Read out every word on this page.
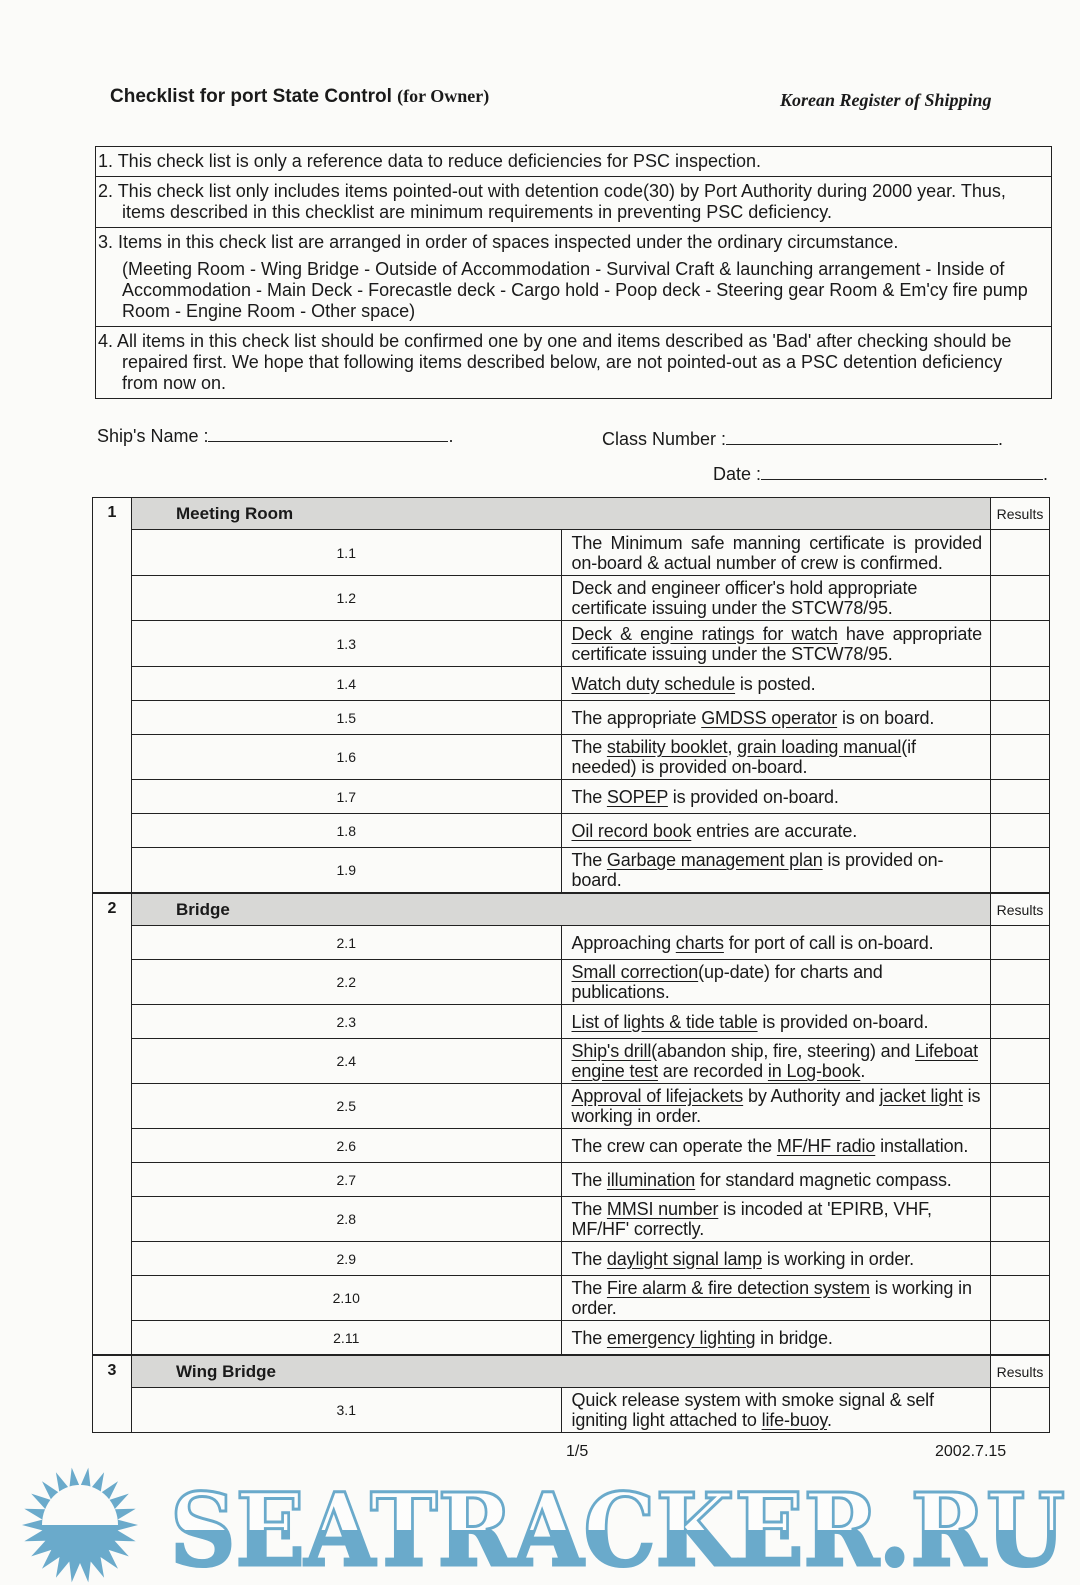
Checklist for port State Control (for Owner)	Korean Register of Shipping
1. This check list is only a reference data to reduce deficiencies for PSC inspection.
2. This check list only includes items pointed-out with detention code(30) by Port Authority during 2000 year. Thus, items described in this checklist are minimum requirements in preventing PSC deficiency.
3. Items in this check list are arranged in order of spaces inspected under the ordinary circumstance.
(Meeting Room - Wing Bridge - Outside of Accommodation - Survival Craft & launching arrangement - Inside of Accommodation - Main Deck - Forecastle deck - Cargo hold - Poop deck - Steering gear Room & Em'cy fire pump Room - Engine Room - Other space)
4. All items in this check list should be confirmed one by one and items described as 'Bad' after checking should be repaired first. We hope that following items described below, are not pointed-out as a PSC detention deficiency from now on.
Ship's Name :	.	Class Number :	.
Date :	.
1	Meeting Room		Results
	1.1	The Minimum safe manning certificate is provided on-board & actual number of crew is confirmed.	
	1.2	Deck and engineer officer's hold appropriate certificate issuing under the STCW78/95.	
	1.3	Deck & engine ratings for watch have appropriate certificate issuing under the STCW78/95.	
	1.4	Watch duty schedule is posted.	
	1.5	The appropriate GMDSS operator is on board.	
	1.6	The stability booklet, grain loading manual(if needed) is provided on-board.	
	1.7	The SOPEP is provided on-board.	
	1.8	Oil record book entries are accurate.	
	1.9	The Garbage management plan is provided on-board.	
2	Bridge		Results
	2.1	Approaching charts for port of call is on-board.	
	2.2	Small correction(up-date) for charts and publications.	
	2.3	List of lights & tide table is provided on-board.	
	2.4	Ship's drill(abandon ship, fire, steering) and Lifeboat engine test are recorded in Log-book.	
	2.5	Approval of lifejackets by Authority and jacket light is working in order.	
	2.6	The crew can operate the MF/HF radio installation.	
	2.7	The illumination for standard magnetic compass.	
	2.8	The MMSI number is incoded at 'EPIRB, VHF, MF/HF' correctly.	
	2.9	The daylight signal lamp is working in order.	
	2.10	The Fire alarm & fire detection system is working in order.	
	2.11	The emergency lighting in bridge.	
3	Wing Bridge		Results
	3.1	Quick release system with smoke signal & self igniting light attached to life-buoy.	
1/5	2002.7.15
SEATRACKER.RU
